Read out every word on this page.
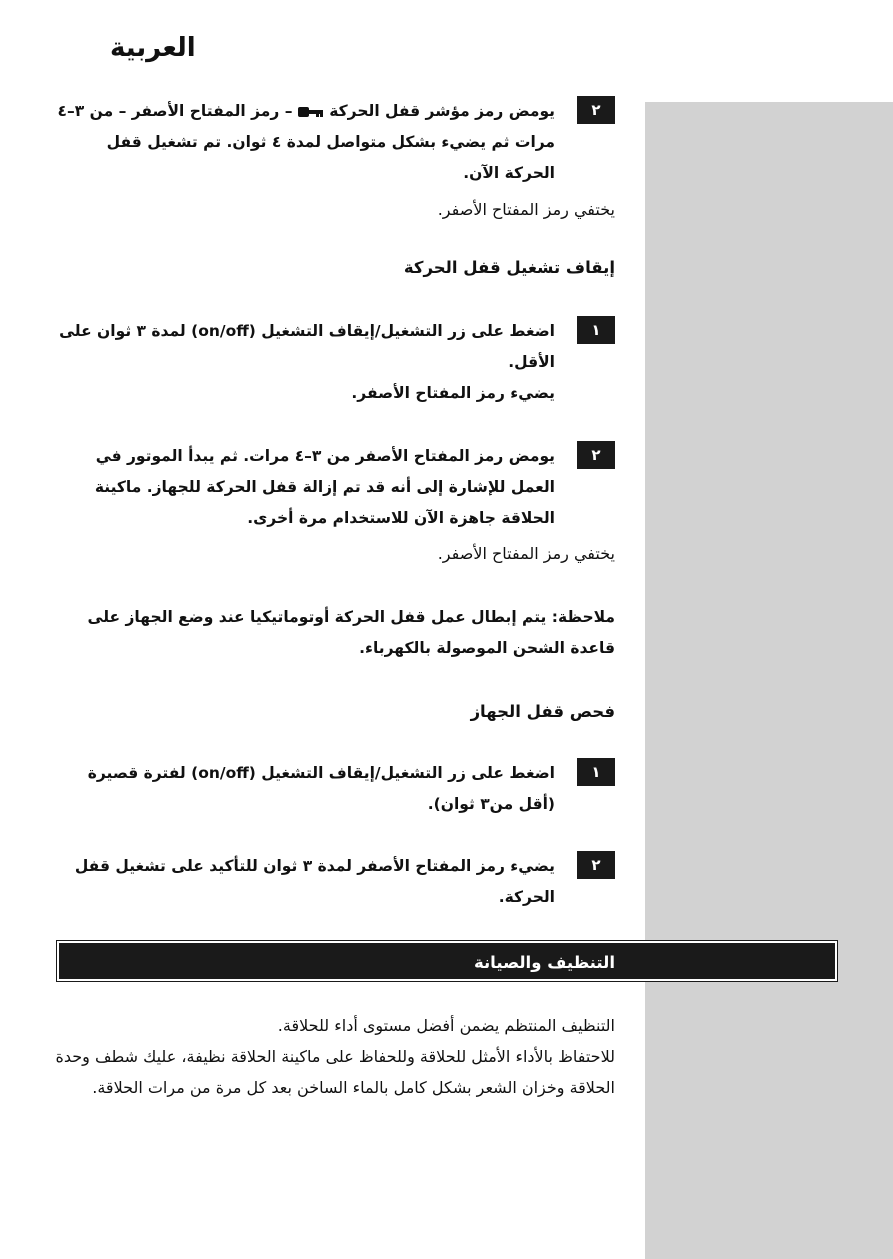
العربية
٢
يومض رمز مؤشر قفل الحركة  – رمز المفتاح الأصفر – من ٣–٤ مرات ثم يضيء بشكل متواصل لمدة ٤ ثوان. تم تشغيل قفل الحركة الآن.
يختفي رمز المفتاح الأصفر.
إيقاف تشغيل قفل الحركة
١
اضغط على زر التشغيل/إيقاف التشغيل (on/off) لمدة ٣ ثوان على الأقل.
يضيء رمز المفتاح الأصفر.
٢
يومض رمز المفتاح الأصفر من ٣–٤ مرات. ثم يبدأ الموتور في العمل للإشارة إلى أنه قد تم إزالة قفل الحركة للجهاز. ماكينة الحلاقة جاهزة الآن للاستخدام مرة أخرى.
يختفي رمز المفتاح الأصفر.
ملاحظة: يتم إبطال عمل قفل الحركة أوتوماتيكيا عند وضع الجهاز على قاعدة الشحن الموصولة بالكهرباء.
فحص قفل الجهاز
١
اضغط على زر التشغيل/إيقاف التشغيل (on/off) لفترة قصيرة (أقل من٣ ثوان).
٢
يضيء رمز المفتاح الأصفر لمدة ٣ ثوان للتأكيد على تشغيل قفل الحركة.
التنظيف والصيانة
التنظيف المنتظم يضمن أفضل مستوى أداء للحلاقة.
للاحتفاظ بالأداء الأمثل للحلاقة وللحفاظ على ماكينة الحلاقة نظيفة، عليك شطف وحدة الحلاقة وخزان الشعر بشكل كامل بالماء الساخن بعد كل مرة من مرات الحلاقة.
